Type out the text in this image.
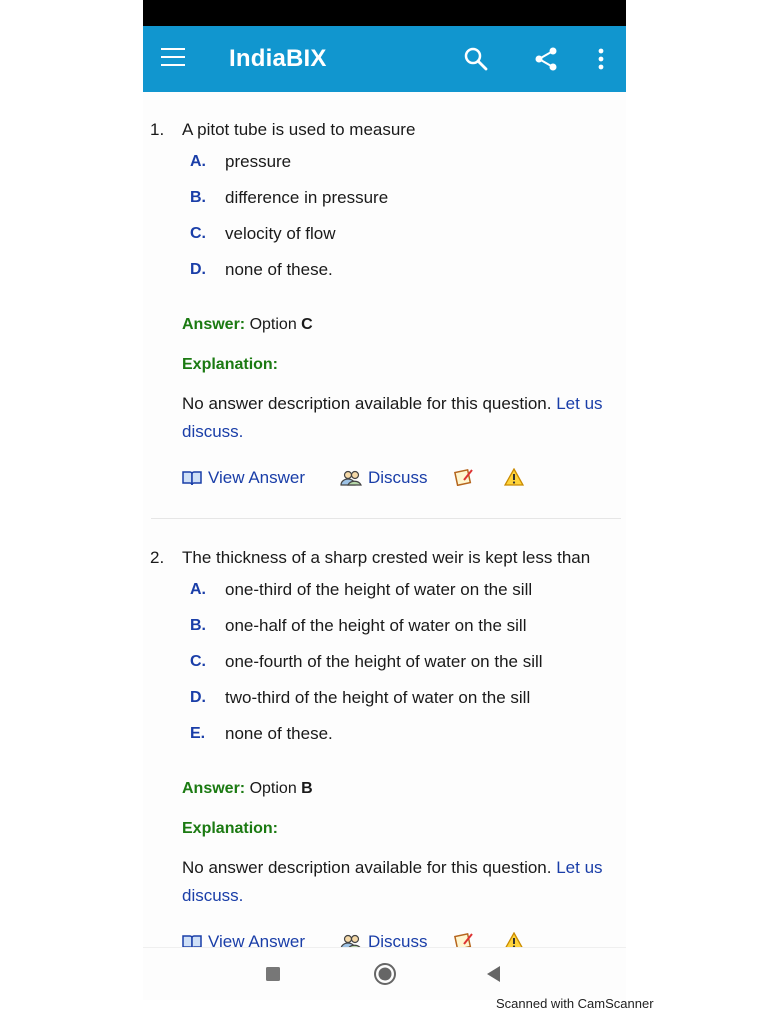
IndiaBIX
1. A pitot tube is used to measure
A. pressure
B. difference in pressure
C. velocity of flow
D. none of these.
Answer: Option C
Explanation:
No answer description available for this question. Let us discuss.
View Answer	Discuss
2. The thickness of a sharp crested weir is kept less than
A. one-third of the height of water on the sill
B. one-half of the height of water on the sill
C. one-fourth of the height of water on the sill
D. two-third of the height of water on the sill
E. none of these.
Answer: Option B
Explanation:
No answer description available for this question. Let us discuss.
View Answer	Discuss
Scanned with CamScanner
